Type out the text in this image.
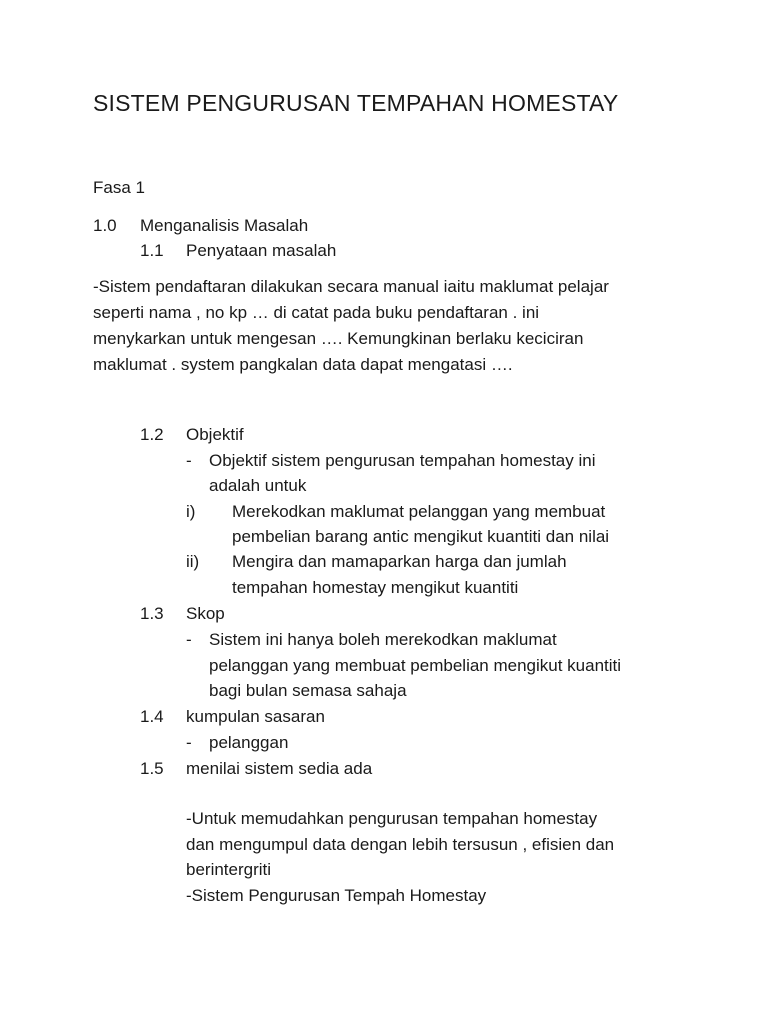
SISTEM PENGURUSAN TEMPAHAN HOMESTAY
Fasa 1
1.0 Menganalisis Masalah
1.1 Penyataan masalah
-Sistem pendaftaran dilakukan secara manual iaitu maklumat pelajar
seperti nama , no kp … di catat pada buku pendaftaran . ini
menykarkan untuk mengesan …. Kemungkinan berlaku keciciran
maklumat . system pangkalan data dapat mengatasi ….
1.2 Objektif
- Objektif sistem pengurusan tempahan homestay ini
adalah untuk
i) Merekodkan maklumat pelanggan yang membuat
pembelian barang antic mengikut kuantiti dan nilai
ii) Mengira dan mamaparkan harga dan jumlah
tempahan homestay mengikut kuantiti
1.3 Skop
- Sistem ini hanya boleh merekodkan maklumat
pelanggan yang membuat pembelian mengikut kuantiti
bagi bulan semasa sahaja
1.4 kumpulan sasaran
- pelanggan
1.5 menilai sistem sedia ada
-Untuk memudahkan pengurusan tempahan homestay
dan mengumpul data dengan lebih tersusun , efisien dan
berintergriti
-Sistem Pengurusan Tempah Homestay
